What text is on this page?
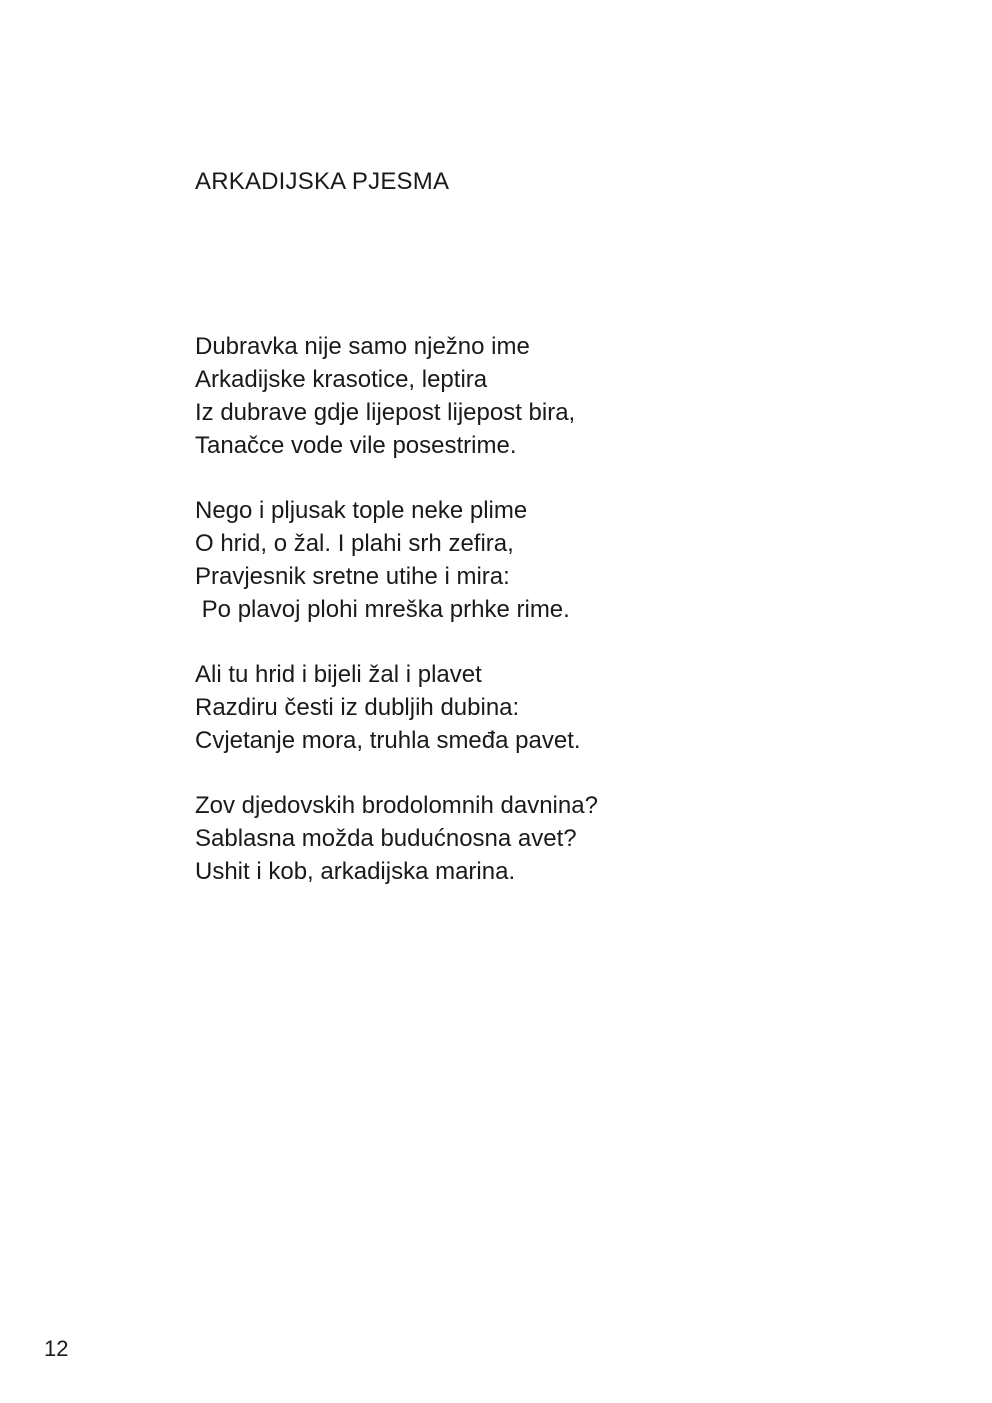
ARKADIJSKA PJESMA
Dubravka nije samo nježno ime
Arkadijske krasotice, leptira
Iz dubrave gdje lijepost lijepost bira,
Tanačce vode vile posestrime.
Nego i pljusak tople neke plime
O hrid, o žal. I plahi srh zefira,
Pravjesnik sretne utihe i mira:
Po plavoj plohi mreška prhke rime.
Ali tu hrid i bijeli žal i plavet
Razdiru česti iz dubljih dubina:
Cvjetanje mora, truhla smeđa pavet.
Zov djedovskih brodolomnih davnina?
Sablasna možda budućnosna avet?
Ushit i kob, arkadijska marina.
12
